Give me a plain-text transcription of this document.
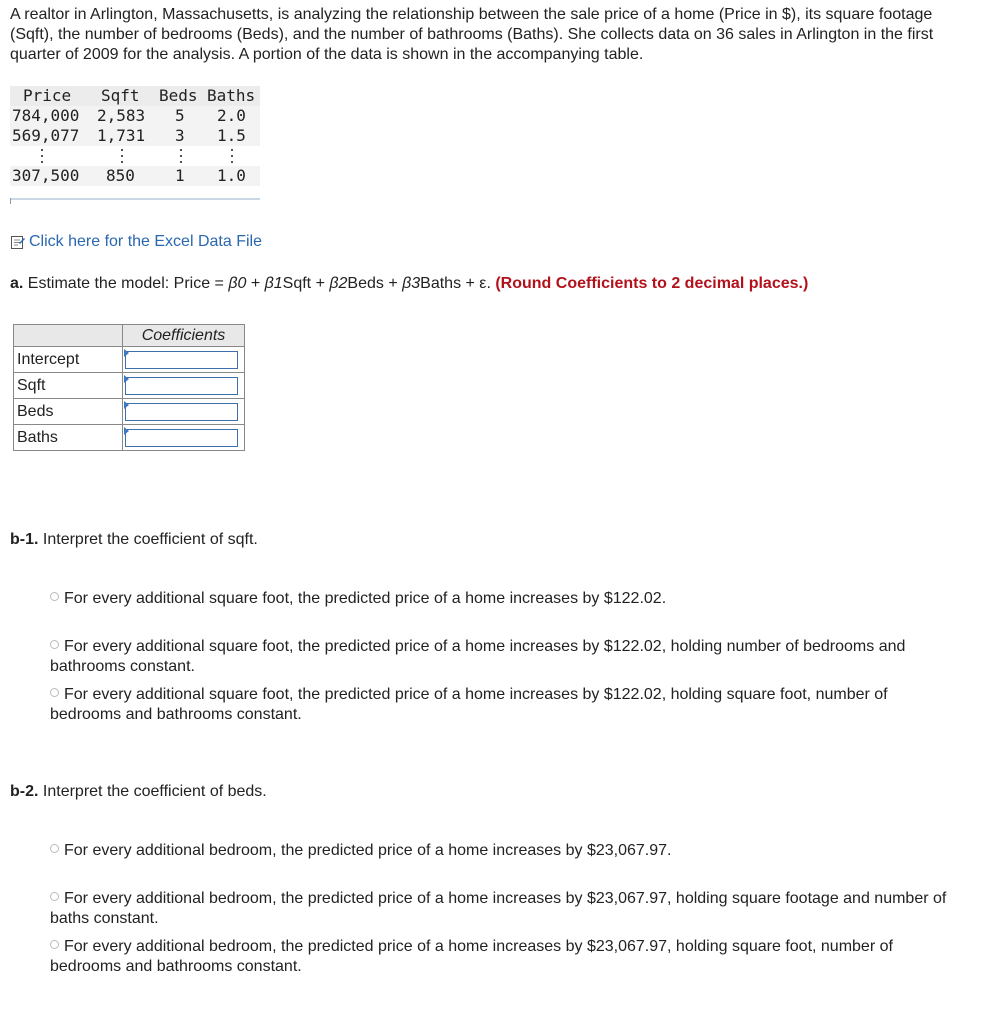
A realtor in Arlington, Massachusetts, is analyzing the relationship between the sale price of a home (Price in $), its square footage (Sqft), the number of bedrooms (Beds), and the number of bathrooms (Baths). She collects data on 36 sales in Arlington in the first quarter of 2009 for the analysis. A portion of the data is shown in the accompanying table.
Price Sqft Beds Baths
784,000 2,583 5 2.0
569,077 1,731 3 1.5
307,500 850	1 1.0
Click here for the Excel Data File
a. Estimate the model: Price = β0 + β1Sqft + β2Beds + β3Baths + ε. (Round Coefficients to 2 decimal places.)
	Coefficients
Intercept	

Sqft	

Beds	

Baths	
b-1. Interpret the coefficient of sqft.
For every additional square foot, the predicted price of a home increases by $122.02.
For every additional square foot, the predicted price of a home increases by $122.02, holding number of bedrooms and bathrooms constant.
For every additional square foot, the predicted price of a home increases by $122.02, holding square foot, number of bedrooms and bathrooms constant.
b-2. Interpret the coefficient of beds.
For every additional bedroom, the predicted price of a home increases by $23,067.97.
For every additional bedroom, the predicted price of a home increases by $23,067.97, holding square footage and number of baths constant.
For every additional bedroom, the predicted price of a home increases by $23,067.97, holding square foot, number of bedrooms and bathrooms constant.
